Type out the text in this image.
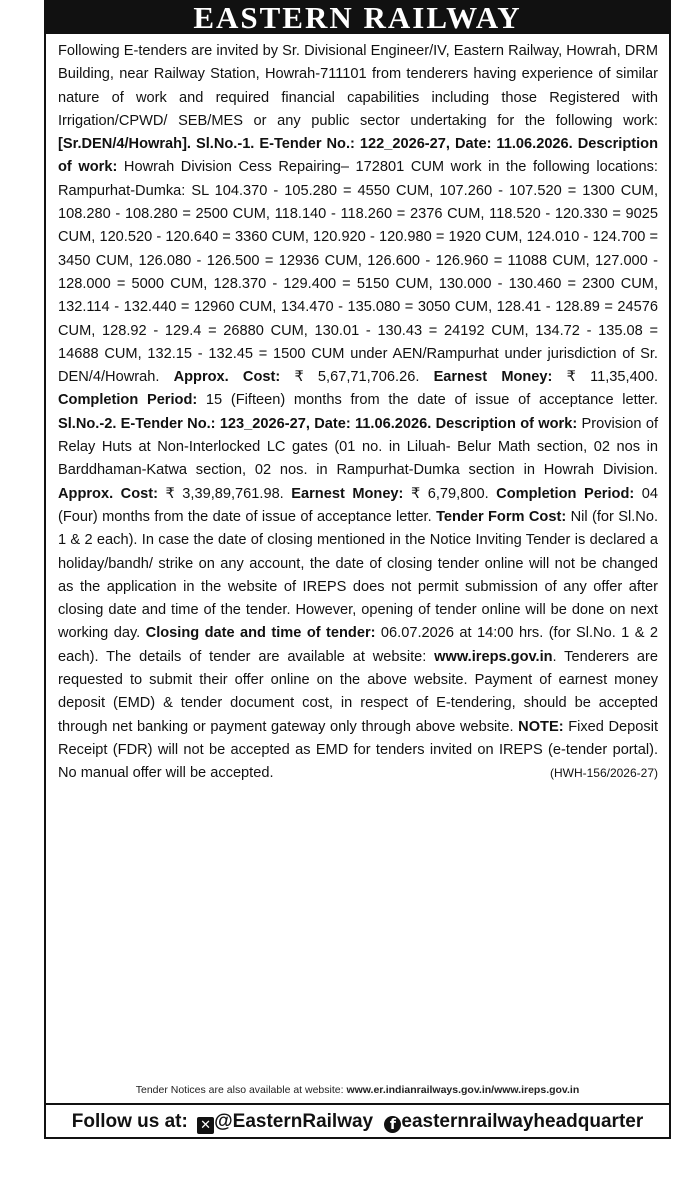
EASTERN RAILWAY
Following E-tenders are invited by Sr. Divisional Engineer/IV, Eastern Railway, Howrah, DRM Building, near Railway Station, Howrah-711101 from tenderers having experience of similar nature of work and required financial capabilities including those Registered with Irrigation/CPWD/ SEB/MES or any public sector undertaking for the following work: [Sr.DEN/4/Howrah]. Sl.No.-1. E-Tender No.: 122_2026-27, Date: 11.06.2026. Description of work: Howrah Division Cess Repairing– 172801 CUM work in the following locations: Rampurhat-Dumka: SL 104.370 - 105.280 = 4550 CUM, 107.260 - 107.520 = 1300 CUM, 108.280 - 108.280 = 2500 CUM, 118.140 - 118.260 = 2376 CUM, 118.520 - 120.330 = 9025 CUM, 120.520 - 120.640 = 3360 CUM, 120.920 - 120.980 = 1920 CUM, 124.010 - 124.700 = 3450 CUM, 126.080 - 126.500 = 12936 CUM, 126.600 - 126.960 = 11088 CUM, 127.000 - 128.000 = 5000 CUM, 128.370 - 129.400 = 5150 CUM, 130.000 - 130.460 = 2300 CUM, 132.114 - 132.440 = 12960 CUM, 134.470 - 135.080 = 3050 CUM, 128.41 - 128.89 = 24576 CUM, 128.92 - 129.4 = 26880 CUM, 130.01 - 130.43 = 24192 CUM, 134.72 - 135.08 = 14688 CUM, 132.15 - 132.45 = 1500 CUM under AEN/Rampurhat under jurisdiction of Sr. DEN/4/Howrah. Approx. Cost: ₹ 5,67,71,706.26. Earnest Money: ₹ 11,35,400. Completion Period: 15 (Fifteen) months from the date of issue of acceptance letter. Sl.No.-2. E-Tender No.: 123_2026-27, Date: 11.06.2026. Description of work: Provision of Relay Huts at Non-Interlocked LC gates (01 no. in Liluah- Belur Math section, 02 nos in Barddhaman-Katwa section, 02 nos. in Rampurhat-Dumka section in Howrah Division. Approx. Cost: ₹ 3,39,89,761.98. Earnest Money: ₹ 6,79,800. Completion Period: 04 (Four) months from the date of issue of acceptance letter. Tender Form Cost: Nil (for Sl.No. 1 & 2 each). In case the date of closing mentioned in the Notice Inviting Tender is declared a holiday/bandh/ strike on any account, the date of closing tender online will not be changed as the application in the website of IREPS does not permit submission of any offer after closing date and time of the tender. However, opening of tender online will be done on next working day. Closing date and time of tender: 06.07.2026 at 14:00 hrs. (for Sl.No. 1 & 2 each). The details of tender are available at website: www.ireps.gov.in. Tenderers are requested to submit their offer online on the above website. Payment of earnest money deposit (EMD) & tender document cost, in respect of E-tendering, should be accepted through net banking or payment gateway only through above website. NOTE: Fixed Deposit Receipt (FDR) will not be accepted as EMD for tenders invited on IREPS (e-tender portal). No manual offer will be accepted.	(HWH-156/2026-27)
Tender Notices are also available at website: www.er.indianrailways.gov.in/www.ireps.gov.in
Follow us at: ✕ @EasternRailway f easternrailwayheadquarter
